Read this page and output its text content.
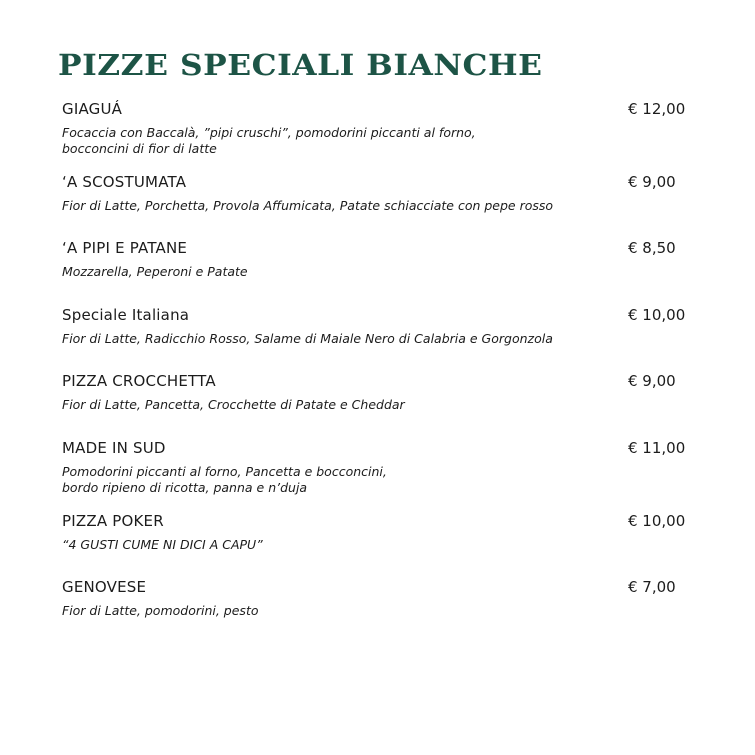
PIZZE SPECIALI BIANCHE
GIAGUÁ	€ 12,00
Focaccia con Baccalà, ”pipi cruschi”, pomodorini piccanti al forno,
bocconcini di fior di latte
‘A SCOSTUMATA	€ 9,00
Fior di Latte, Porchetta, Provola Affumicata, Patate schiacciate con pepe rosso
‘A PIPI E PATANE	€ 8,50
Mozzarella, Peperoni e Patate
Speciale Italiana	€ 10,00
Fior di Latte, Radicchio Rosso, Salame di Maiale Nero di Calabria e Gorgonzola
PIZZA CROCCHETTA	€ 9,00
Fior di Latte, Pancetta, Crocchette di Patate e Cheddar
MADE IN SUD	€ 11,00
Pomodorini piccanti al forno, Pancetta e bocconcini,
bordo ripieno di ricotta, panna e n’duja
PIZZA POKER	€ 10,00
“4 GUSTI CUME NI DICI A CAPU”
GENOVESE	€ 7,00
Fior di Latte, pomodorini, pesto
